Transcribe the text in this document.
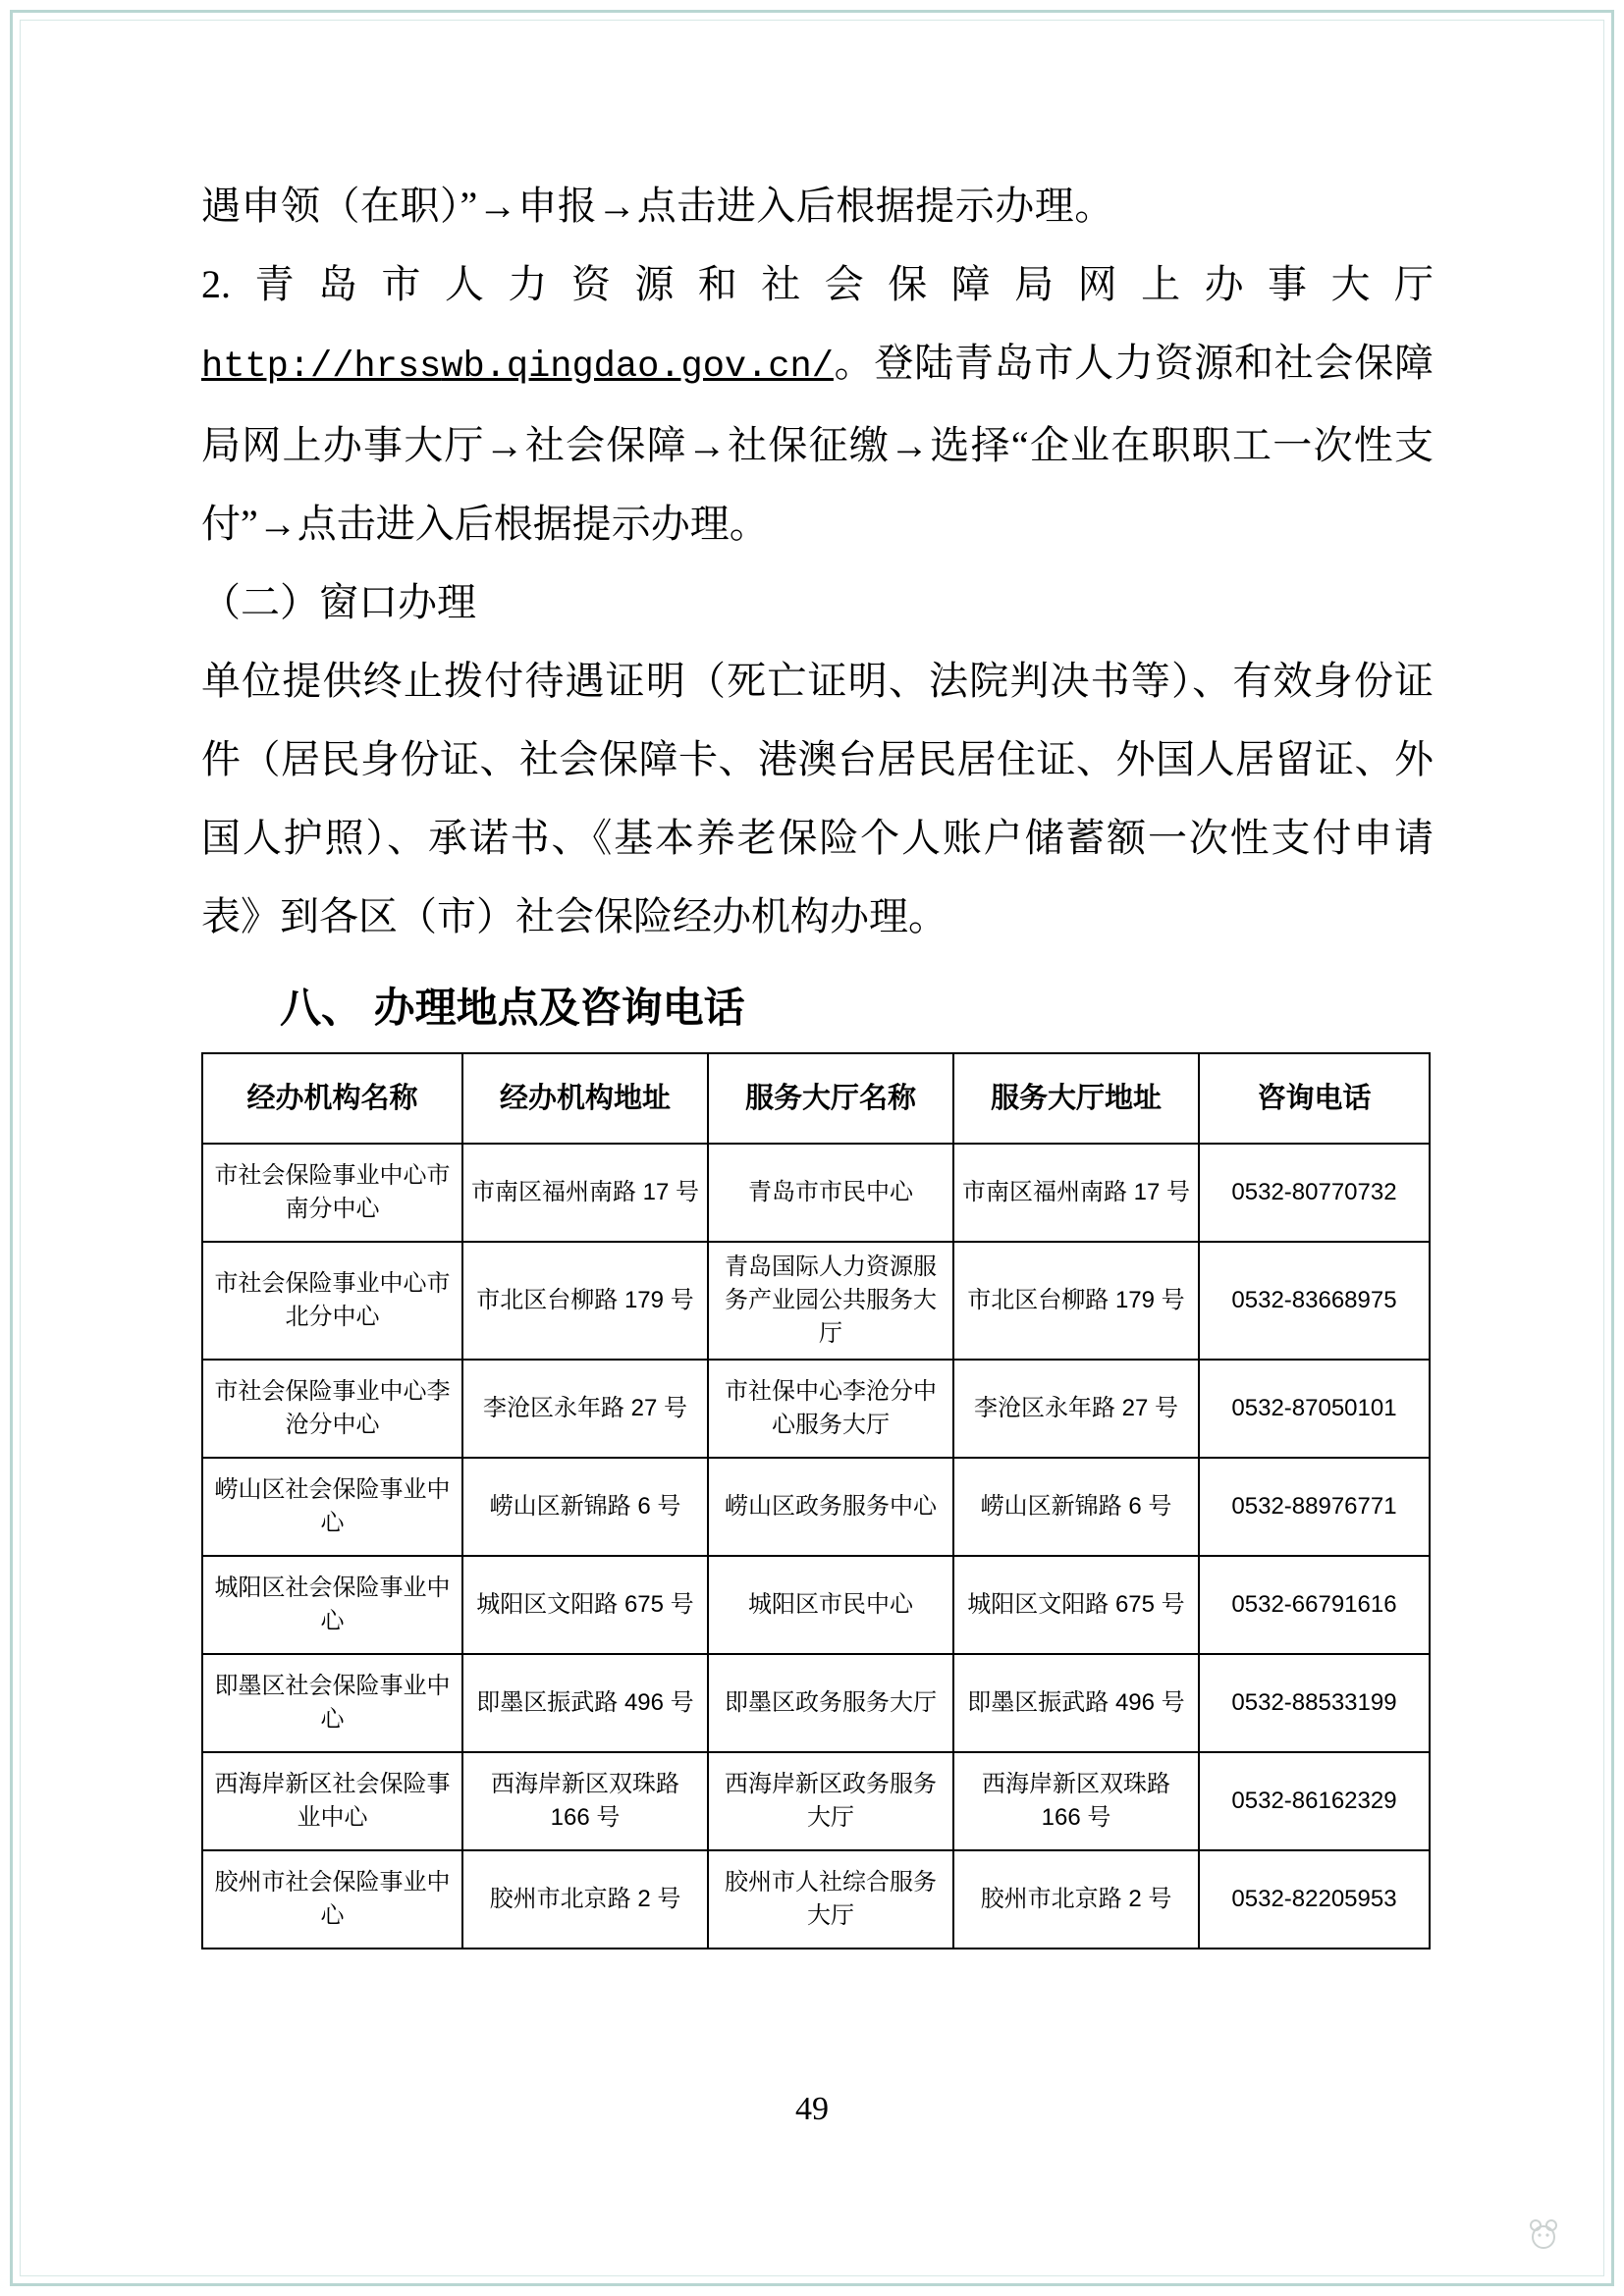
遇申领（在职）”→申报→点击进入后根据提示办理。

2.青岛市人力资源和社会保障局网上办事大厅http://hrsswb.qingdao.gov.cn/。登陆青岛市人力资源和社会保障局网上办事大厅→社会保障→社保征缴→选择“企业在职职工一次性支付”→点击进入后根据提示办理。

（二）窗口办理

单位提供终止拨付待遇证明（死亡证明、法院判决书等）、有效身份证件（居民身份证、社会保障卡、港澳台居民居住证、外国人居留证、外国人护照）、承诺书、《基本养老保险个人账户储蓄额一次性支付申请表》到各区（市）社会保险经办机构办理。

八、 办理地点及咨询电话
经办机构名称	经办机构地址	服务大厅名称	服务大厅地址	咨询电话
市社会保险事业中心市南分中心	市南区福州南路 17 号	青岛市市民中心	市南区福州南路 17 号	0532-80770732
市社会保险事业中心市北分中心	市北区台柳路 179 号	青岛国际人力资源服务产业园公共服务大厅	市北区台柳路 179 号	0532-83668975
市社会保险事业中心李沧分中心	李沧区永年路 27 号	市社保中心李沧分中心服务大厅	李沧区永年路 27 号	0532-87050101
崂山区社会保险事业中心	崂山区新锦路 6 号	崂山区政务服务中心	崂山区新锦路 6 号	0532-88976771
城阳区社会保险事业中心	城阳区文阳路 675 号	城阳区市民中心	城阳区文阳路 675 号	0532-66791616
即墨区社会保险事业中心	即墨区振武路 496 号	即墨区政务服务大厅	即墨区振武路 496 号	0532-88533199
西海岸新区社会保险事业中心	西海岸新区双珠路 166 号	西海岸新区政务服务大厅	西海岸新区双珠路 166 号	0532-86162329
胶州市社会保险事业中心	胶州市北京路 2 号	胶州市人社综合服务大厅	胶州市北京路 2 号	0532-82205953
49
